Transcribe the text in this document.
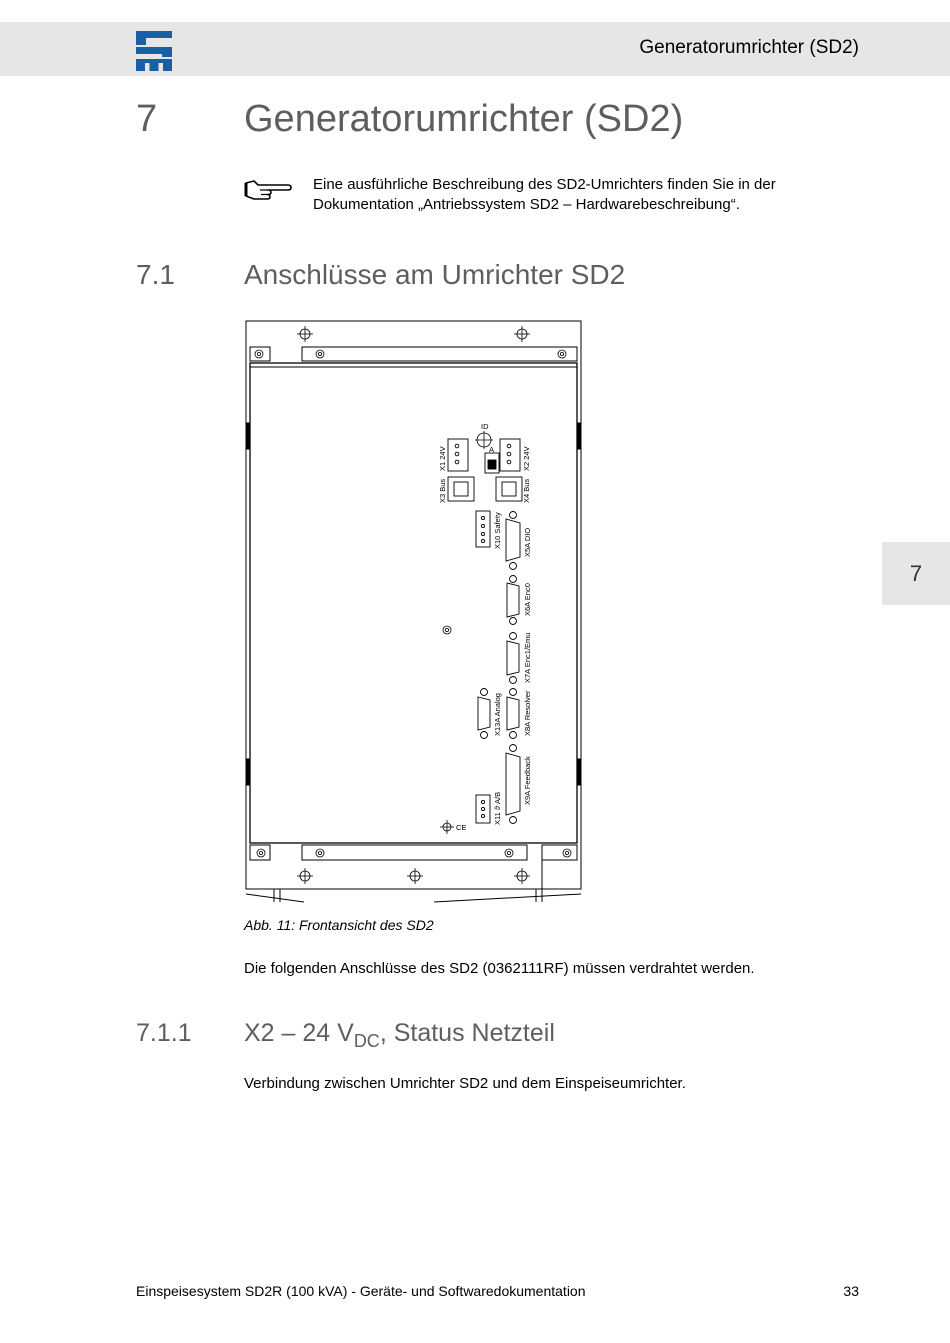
Generatorumrichter (SD2)
7 Generatorumrichter (SD2)
Eine ausführliche Beschreibung des SD2-Umrichters finden Sie in der Dokumentation „Antriebssystem SD2 – Hardwarebeschreibung“.
7.1 Anschlüsse am Umrichter SD2
ID
A
X1 24V	X2 24V
X3 Bus	X4 Bus
X10 Safety	X5A DIO
X6A Enc0
X7A Enc1/Emu
X13A Analog	X8A Resolver
X11 ϑ A/B
X9A Feedback
CE
Abb. 11: Frontansicht des SD2
Die folgenden Anschlüsse des SD2 (0362111RF) müssen verdrahtet werden.
7.1.1 X2 – 24 $V_{DC}$, Status Netzteil
Verbindung zwischen Umrichter SD2 und dem Einspeiseumrichter.
7
Einspeisesystem SD2R (100 kVA) - Geräte- und Softwaredokumentation	33
